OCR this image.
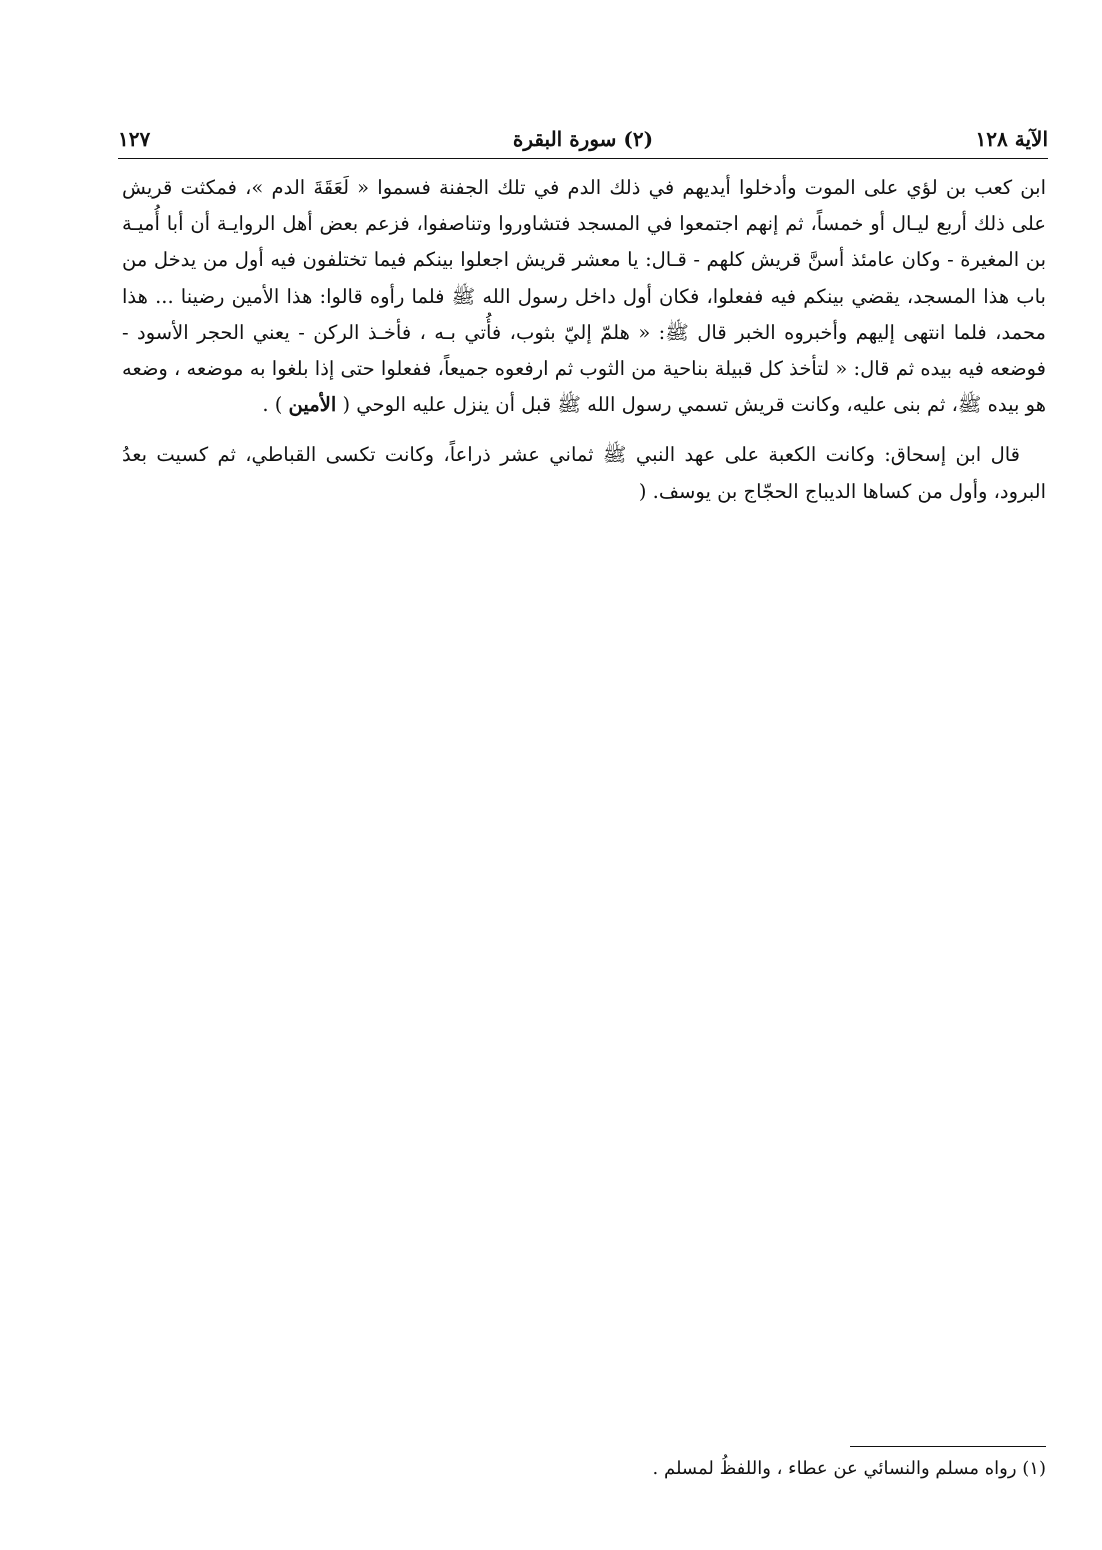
الآية ١٢٨
(٢) سورة البقرة
١٢٧

ابن كعب بن لؤي على الموت وأدخلوا أيديهم في ذلك الدم في تلك الجفنة فسموا « لَعَقَةَ الدم »، فمكثت قريش على ذلك أربع ليـال أو خمساً، ثم إنهم اجتمعوا في المسجد فتشاوروا وتناصفوا، فزعم بعض أهل الروايـة أن أبا أُميـة بن المغيرة - وكان عامئذ أسنَّ قريش كلهم - قـال: يا معشر قريش اجعلوا بينكم فيما تختلفون فيه أول من يدخل من باب هذا المسجد، يقضي بينكم فيه ففعلوا، فكان أول داخل رسول الله ﷺ فلما رأوه قالوا: هذا الأمين رضينا ... هذا محمد، فلما انتهى إليهم وأخبروه الخبر قال ﷺ: « هلمّ إليّ بثوب، فأُتي بـه ، فأخـذ الركن - يعني الحجر الأسود - فوضعه فيه بيده ثم قال: « لتأخذ كل قبيلة بناحية من الثوب ثم ارفعوه جميعاً، ففعلوا حتى إذا بلغوا به موضعه ، وضعه هو بيده ﷺ، ثم بنى عليه، وكانت قريش تسمي رسول الله ﷺ قبل أن ينزل عليه الوحي ( الأمين ) .

قال ابن إسحاق: وكانت الكعبة على عهد النبي ﷺ ثماني عشر ذراعاً، وكانت تكسى القباطي، ثم كسيت بعدُ البرود، وأول من كساها الديباج الحجّاج بن يوسف. (

(١) رواه مسلم والنسائي عن عطاء ، واللفظُ لمسلم .
